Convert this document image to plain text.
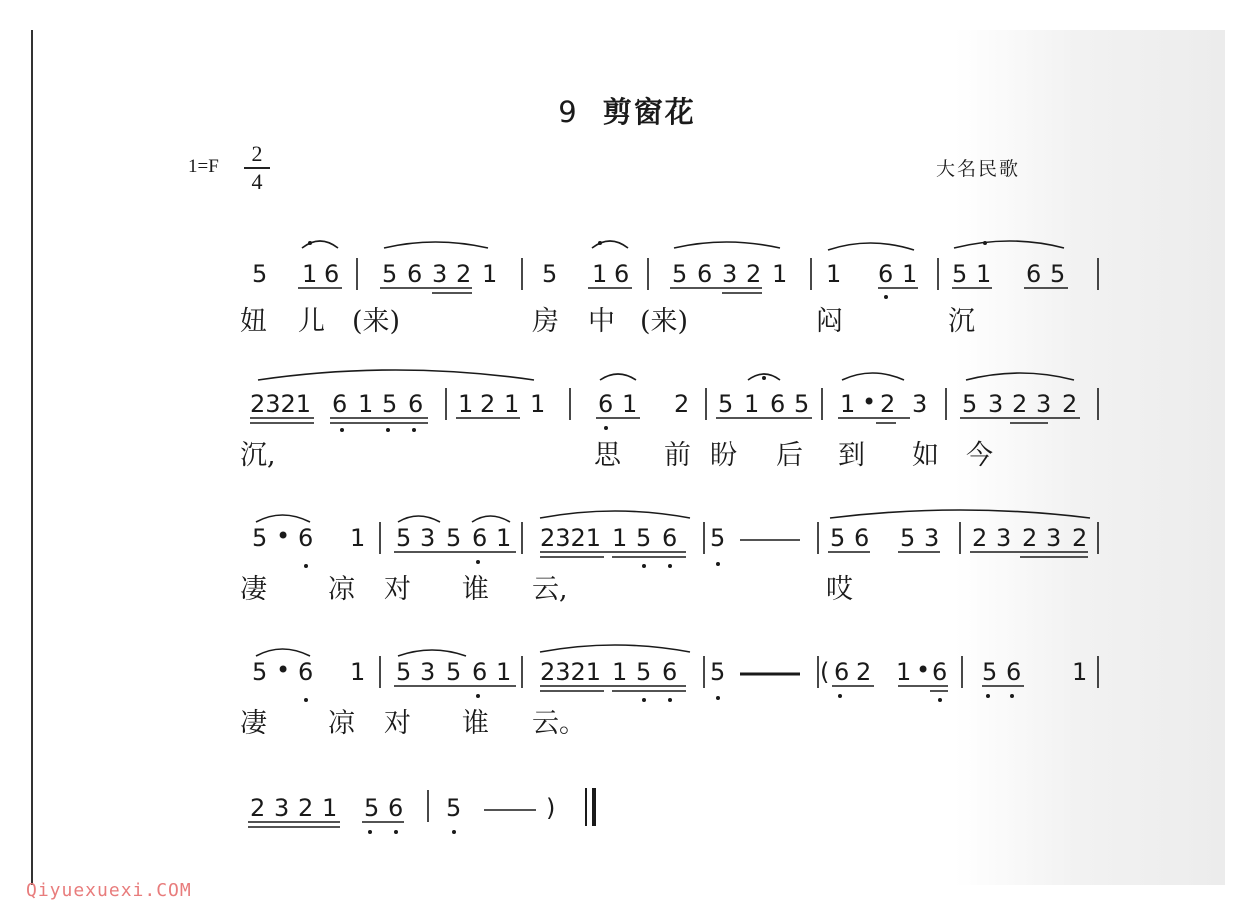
9 剪窗花
1=F
2
4	大名民歌
5 1 6 5 6 3 2 1 5 1 6 5 6 3 2 1 1 6 1 5 1 6 5
妞 儿 (来)	房 中 (来)	闷	沉
2321 6 1 5 6 1 2 1 1 6 1 2 5 1 6 5 1 • 2 3 5 3 2 3 2
沉,	思 前 盼 后 到 如 今
5 • 6 1 5 3 5 6 1 2321 1 5 6 5	5 6 5 3 2 3 2 3 2
凄 凉 对 谁 云,	哎
5 • 6 1 5 3 5 6 1 2321 1 5 6 5	( 6 2 1 • 6 5 6 1
凄 凉 对 谁 云。
2 3 2 1 5 6 5	)
Qiyuexuexi.COM
